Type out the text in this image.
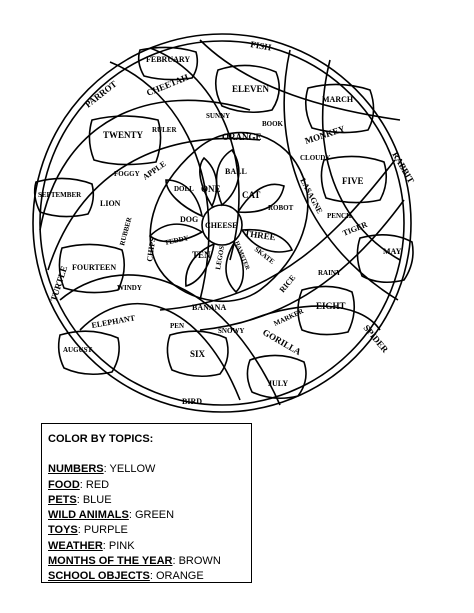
FISH
FEBRUARY
PARROT	CHEETAH	ELEVEN
MARCH
TWENTY RULER
SUNNY
BOOK
ORANGE	MONKEY
RABBIT
CLOUDY
FOGGY APPLE	BALL
LASAGNE FIVE
SEPTEMBER
DOLL ONE
CAT
LION	ROBOT
PENCIL
DOG
CHEESE
THREE
RUBBER	TIGER
TEDDY
CHIPS	TEN LEGOS HAMSTER SKATE	MAY
FOURTEEN
RAINY
TURTLE	WINDY	RICE
BANANA	EIGHT
ELEPHANT	MARKER
PEN
SNOWY
AUGUST	GORILLA
SIX	SPIDER
JULY
BIRD
COLOR BY TOPICS:
NUMBERS: YELLOW
FOOD: RED
PETS: BLUE
WILD ANIMALS: GREEN
TOYS: PURPLE
WEATHER: PINK
MONTHS OF THE YEAR: BROWN
SCHOOL OBJECTS: ORANGE
